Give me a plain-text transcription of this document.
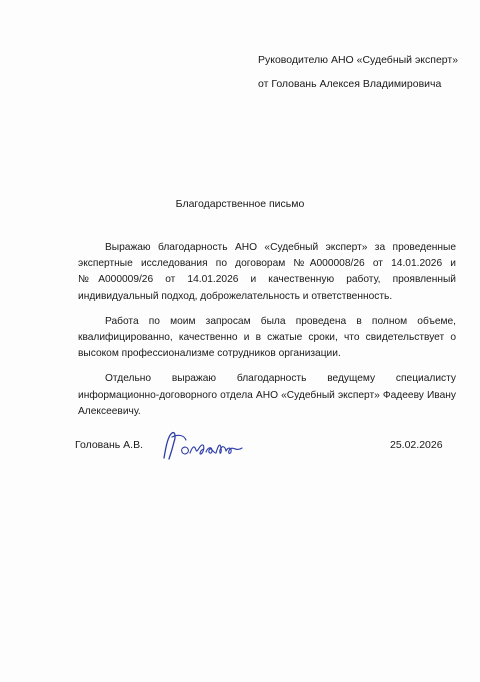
Руководителю АНО «Судебный эксперт»
от Головань Алексея Владимировича
Благодарственное письмо

Выражаю благодарность АНО «Судебный эксперт» за проведенные экспертные исследования по договорам №А000008/26 от 14.01.2026 и №А000009/26 от 14.01.2026 и качественную работу, проявленный индивидуальный подход, доброжелательность и ответственность.

Работа по моим запросам была проведена в полном объеме, квалифицированно, качественно и в сжатые сроки, что свидетельствует о высоком профессионализме сотрудников организации.

Отдельно выражаю благодарность ведущему специалисту информационно-договорного отдела АНО «Судебный эксперт» Фадееву Ивану Алексеевичу.

Головань А.В.	25.02.2026
